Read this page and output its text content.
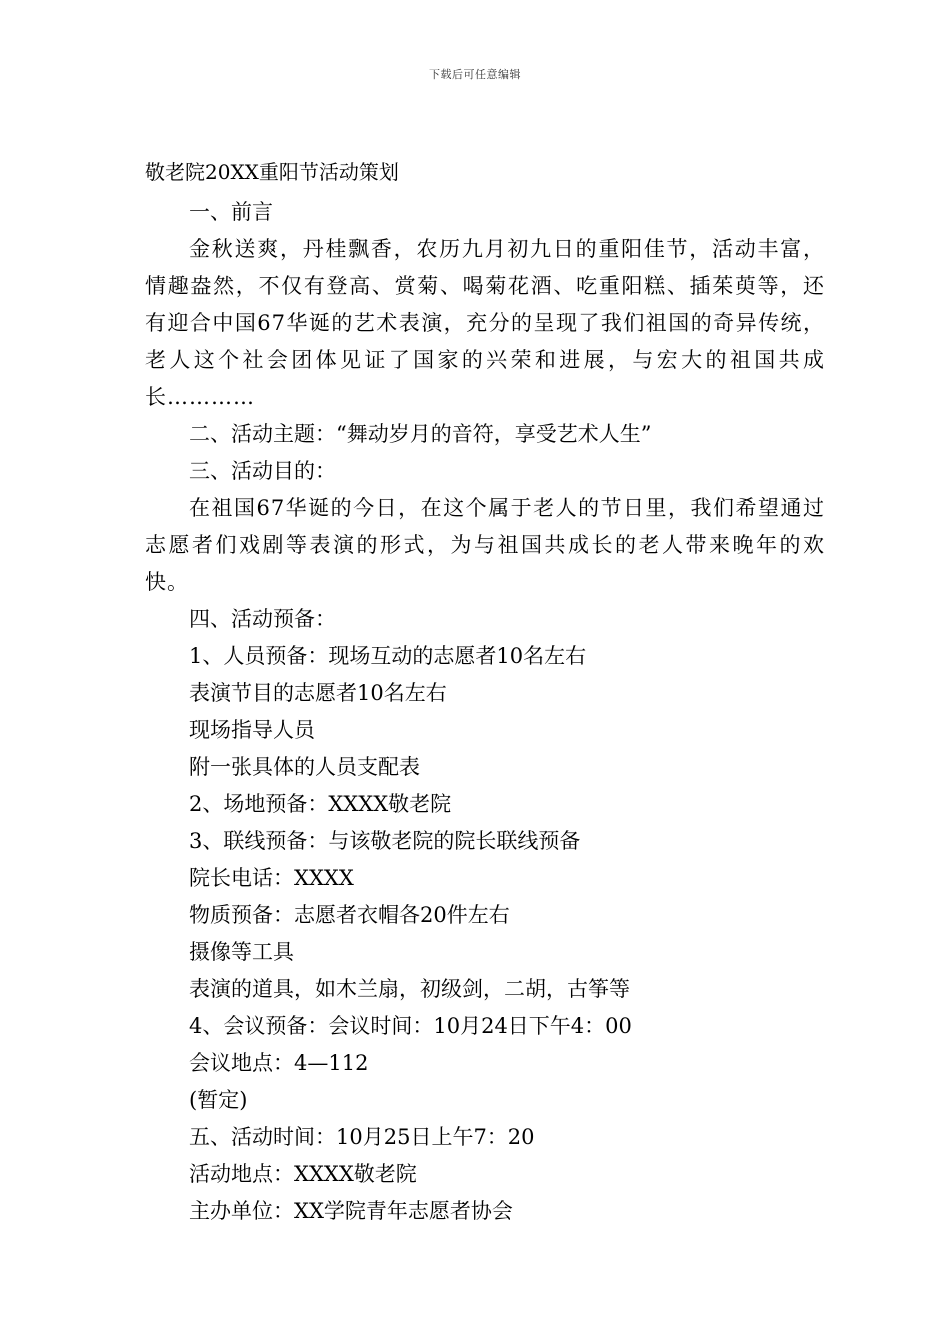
下载后可任意编辑

敬老院20XX重阳节活动策划

一、前言

金秋送爽，丹桂飘香，农历九月初九日的重阳佳节，活动丰富，情趣盎然，不仅有登高、赏菊、喝菊花酒、吃重阳糕、插茱萸等，还有迎合中国67华诞的艺术表演，充分的呈现了我们祖国的奇异传统，老人这个社会团体见证了国家的兴荣和进展，与宏大的祖国共成长…………

二、活动主题：“舞动岁月的音符，享受艺术人生”

三、活动目的：

在祖国67华诞的今日，在这个属于老人的节日里，我们希望通过志愿者们戏剧等表演的形式，为与祖国共成长的老人带来晚年的欢快。

四、活动预备：

1、人员预备：现场互动的志愿者10名左右

表演节目的志愿者10名左右

现场指导人员

附一张具体的人员支配表

2、场地预备：XXXX敬老院

3、联线预备：与该敬老院的院长联线预备

院长电话：XXXX

物质预备：志愿者衣帽各20件左右

摄像等工具

表演的道具，如木兰扇，初级剑，二胡，古筝等

4、会议预备：会议时间：10月24日下午4：00

会议地点：4—112

(暂定)

五、活动时间：10月25日上午7：20

活动地点：XXXX敬老院

主办单位：XX学院青年志愿者协会
